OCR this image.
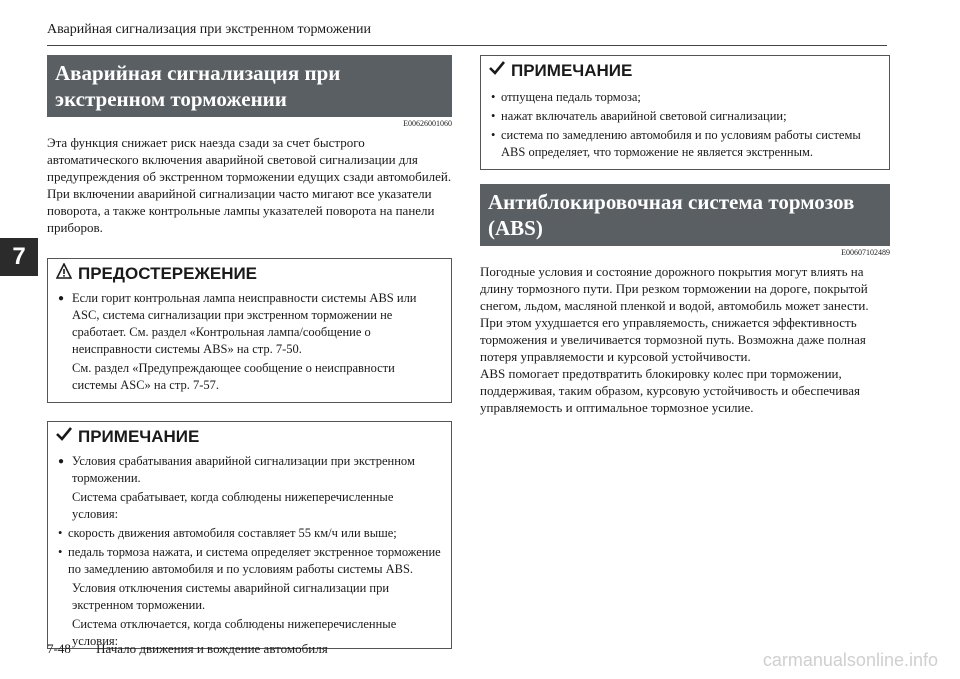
Аварийная сигнализация при экстренном торможении
7
Аварийная сигнализация при экстренном торможении
E00626001060
Эта функция снижает риск наезда сзади за счет быстрого автоматического включения аварийной световой сигнализации для предупреждения об экстренном торможении едущих сзади автомобилей. При включении аварийной сигнализации часто мигают все указатели поворота, а также контрольные лампы указателей поворота на панели приборов.
ПРЕДОСТЕРЕЖЕНИЕ
● Если горит контрольная лампа неисправности системы ABS или ASC, система сигнализации при экстренном торможении не сработает. См. раздел «Контрольная лампа/сообщение о неисправности системы ABS» на стр. 7-50.
См. раздел «Предупреждающее сообщение о неисправности системы ASC» на стр. 7-57.
ПРИМЕЧАНИЕ
● Условия срабатывания аварийной сигнализации при экстренном торможении.
Система срабатывает, когда соблюдены нижеперечисленные условия:
• скорость движения автомобиля составляет 55 км/ч или выше;
• педаль тормоза нажата, и система определяет экстренное торможение по замедлению автомобиля и по условиям работы системы ABS.
Условия отключения системы аварийной сигнализации при экстренном торможении.
Система отключается, когда соблюдены нижеперечисленные условия:
ПРИМЕЧАНИЕ
• отпущена педаль тормоза;
• нажат включатель аварийной световой сигнализации;
• система по замедлению автомобиля и по условиям работы системы ABS определяет, что торможение не является экстренным.
Антиблокировочная система тормозов (ABS)
E00607102489
Погодные условия и состояние дорожного покрытия могут влиять на длину тормозного пути. При резком торможении на дороге, покрытой снегом, льдом, масляной пленкой и водой, автомобиль может занести. При этом ухудшается его управляемость, снижается эффективность торможения и увеличивается тормозной путь. Возможна даже полная потеря управляемости и курсовой устойчивости.
ABS помогает предотвратить блокировку колес при торможении, поддерживая, таким образом, курсовую устойчивость и обеспечивая управляемость и оптимальное тормозное усилие.
7-48 Начало движения и вождение автомобиля
carmanualsonline.info
